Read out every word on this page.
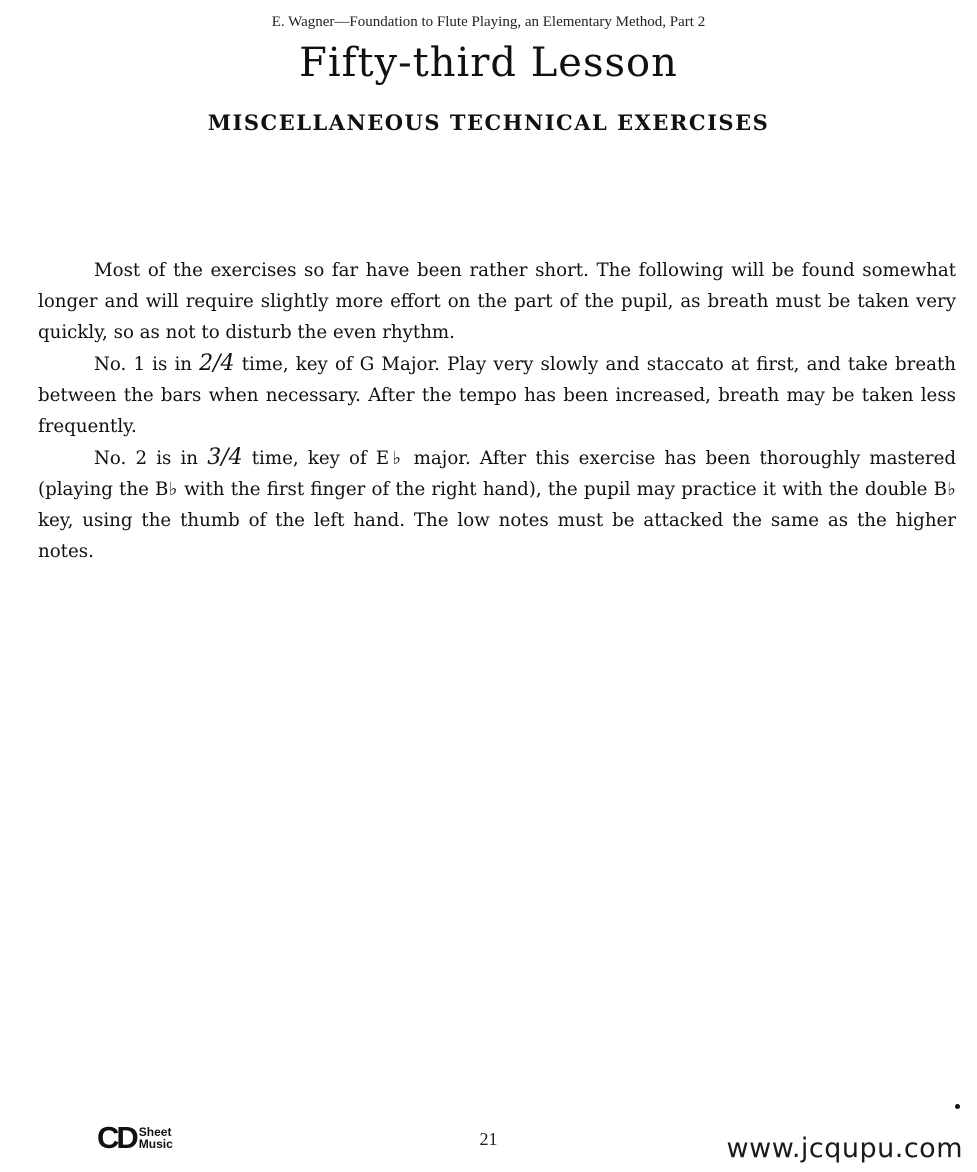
E. Wagner—Foundation to Flute Playing, an Elementary Method, Part 2
Fifty-third Lesson
MISCELLANEOUS TECHNICAL EXERCISES

Most of the exercises so far have been rather short. The following will be found somewhat longer and will require slightly more effort on the part of the pupil, as breath must be taken very quickly, so as not to disturb the even rhythm.

No. 1 is in 2/4 time, key of G Major. Play very slowly and staccato at first, and take breath between the bars when necessary. After the tempo has been increased, breath may be taken less frequently.

No. 2 is in 3/4 time, key of E♭ major. After this exercise has been thoroughly mastered (playing the B♭ with the first finger of the right hand), the pupil may practice it with the double B♭ key, using the thumb of the left hand. The low notes must be attacked the same as the higher notes.

CD Sheet
Music	21	www.jcqupu.com
